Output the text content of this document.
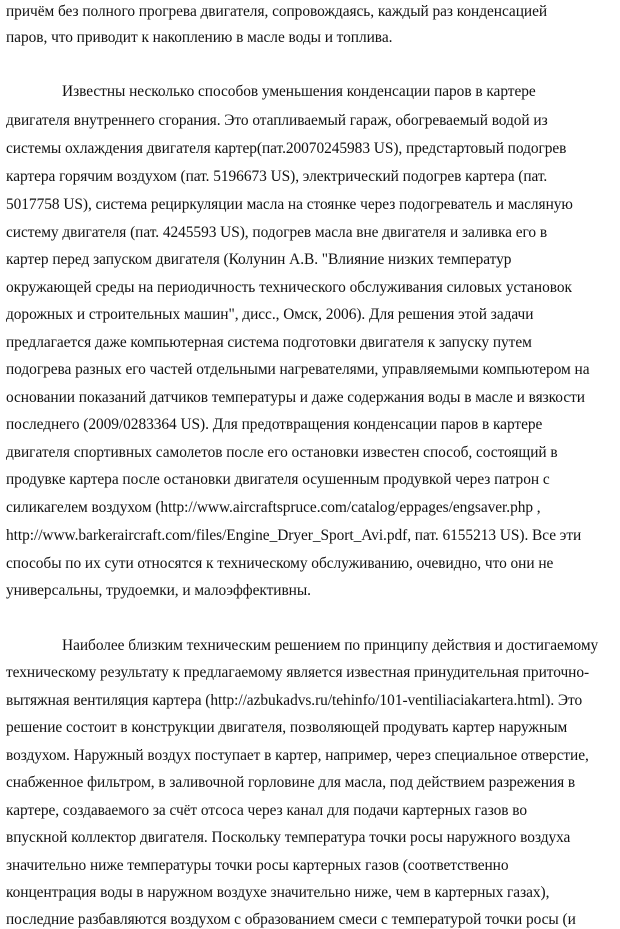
причём без полного прогрева двигателя, сопровождаясь, каждый раз конденсацией
паров, что приводит к накоплению в масле воды и топлива.
Известны несколько способов уменьшения конденсации паров в картере
двигателя внутреннего сгорания. Это отапливаемый гараж, обогреваемый водой из
системы охлаждения двигателя картер(пат.20070245983 US), предстартовый подогрев
картера горячим воздухом (пат. 5196673 US), электрический подогрев картера (пат.
5017758 US), система рециркуляции масла на стоянке через подогреватель и масляную
систему двигателя (пат. 4245593 US), подогрев масла вне двигателя и заливка его в
картер перед запуском двигателя (Колунин А.В. "Влияние низких температур
окружающей среды на периодичность технического обслуживания силовых установок
дорожных и строительных машин", дисс., Омск, 2006). Для решения этой задачи
предлагается даже компьютерная система подготовки двигателя к запуску путем
подогрева разных его частей отдельными нагревателями, управляемыми компьютером на
основании показаний датчиков температуры и даже содержания воды в масле и вязкости
последнего (2009/0283364 US). Для предотвращения конденсации паров в картере
двигателя спортивных самолетов после его остановки известен способ, состоящий в
продувке картера после остановки двигателя осушенным продувкой через патрон с
силикагелем воздухом (http://www.aircraftspruce.com/catalog/eppages/engsaver.php ,
http://www.barkeraircraft.com/files/Engine_Dryer_Sport_Avi.pdf, пат. 6155213 US). Все эти
способы по их сути относятся к техническому обслуживанию, очевидно, что они не
универсальны, трудоемки, и малоэффективны.
Наиболее близким техническим решением по принципу действия и достигаемому
техническому результату к предлагаемому является известная принудительная приточно-
вытяжная вентиляция картера (http://azbukadvs.ru/tehinfo/101-ventiliaciakartera.html). Это
решение состоит в конструкции двигателя, позволяющей продувать картер наружным
воздухом. Наружный воздух поступает в картер, например, через специальное отверстие,
снабженное фильтром, в заливочной горловине для масла, под действием разрежения в
картере, создаваемого за счёт отсоса через канал для подачи картерных газов во
впускной коллектор двигателя. Поскольку температура точки росы наружного воздуха
значительно ниже температуры точки росы картерных газов (соответственно
концентрация воды в наружном воздухе значительно ниже, чем в картерных газах),
последние разбавляются воздухом с образованием смеси с температурой точки росы (и
